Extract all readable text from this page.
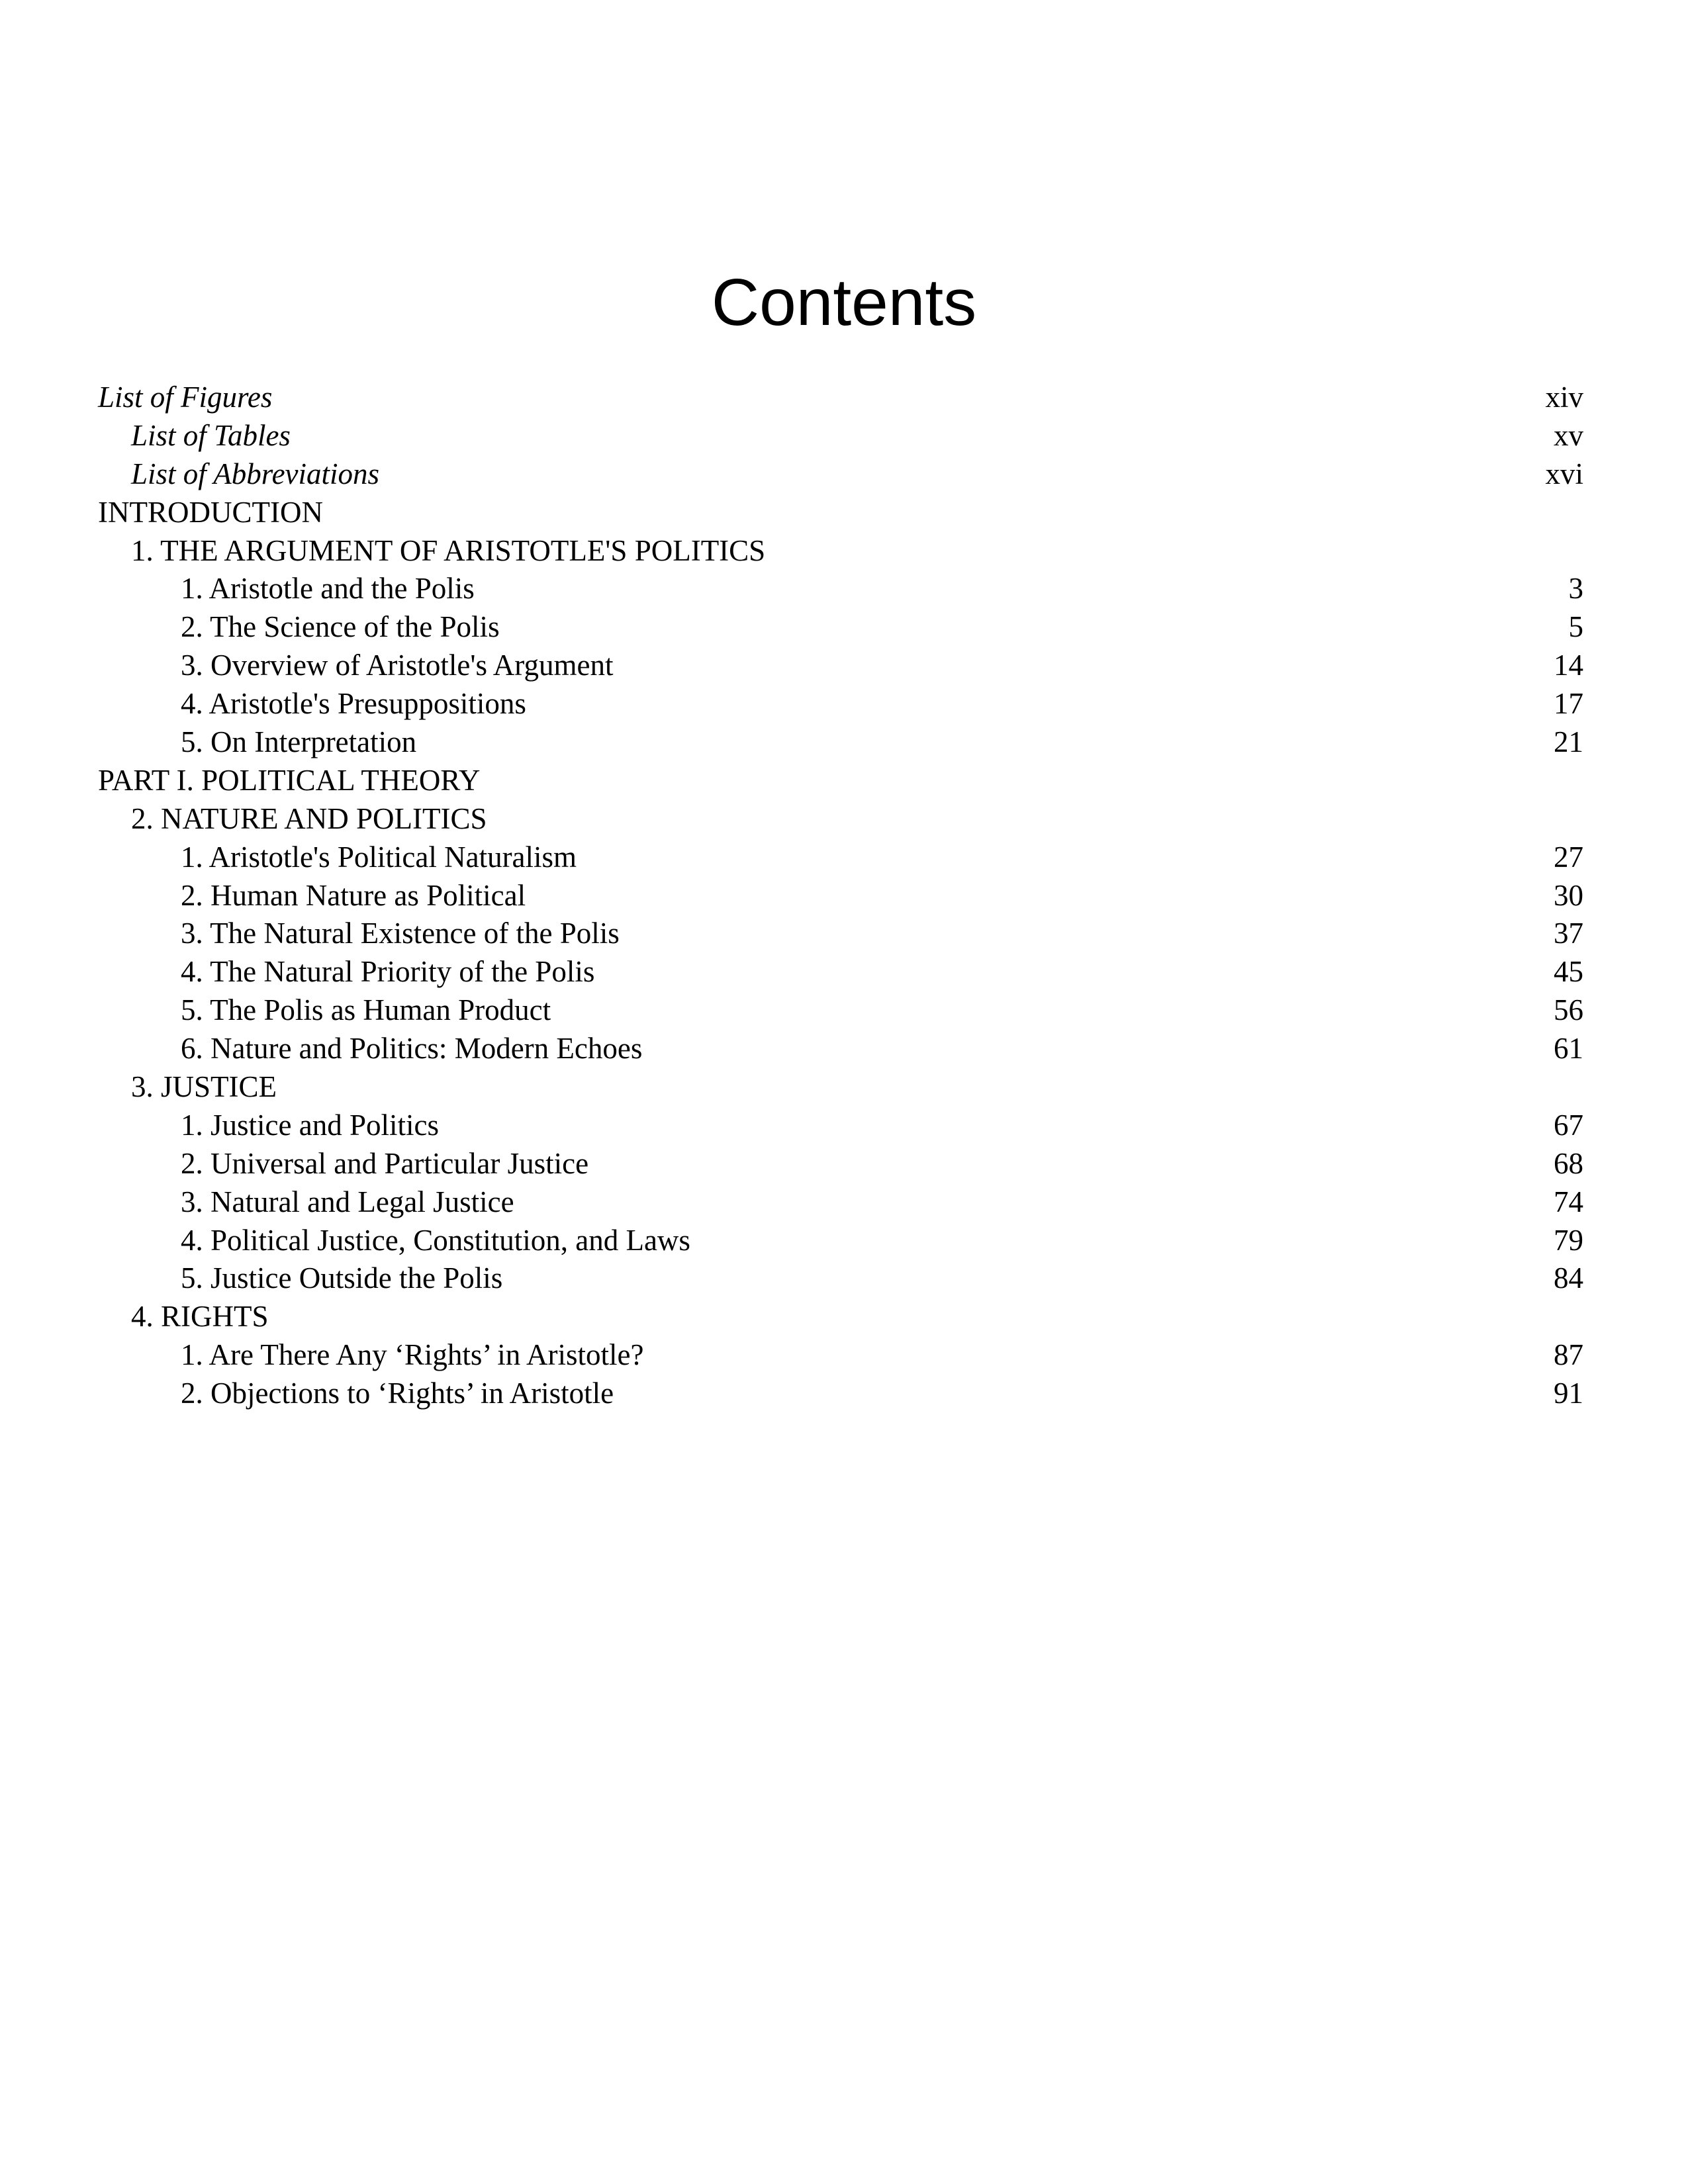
Contents
List of Figures	xiv
List of Tables	xv
List of Abbreviations	xvi
INTRODUCTION
1. THE ARGUMENT OF ARISTOTLE'S POLITICS
1. Aristotle and the Polis	3
2. The Science of the Polis	5
3. Overview of Aristotle's Argument	14
4. Aristotle's Presuppositions	17
5. On Interpretation	21
PART I. POLITICAL THEORY
2. NATURE AND POLITICS
1. Aristotle's Political Naturalism	27
2. Human Nature as Political	30
3. The Natural Existence of the Polis	37
4. The Natural Priority of the Polis	45
5. The Polis as Human Product	56
6. Nature and Politics: Modern Echoes	61
3. JUSTICE
1. Justice and Politics	67
2. Universal and Particular Justice	68
3. Natural and Legal Justice	74
4. Political Justice, Constitution, and Laws	79
5. Justice Outside the Polis	84
4. RIGHTS
1. Are There Any ‘Rights’ in Aristotle?	87
2. Objections to ‘Rights’ in Aristotle	91
